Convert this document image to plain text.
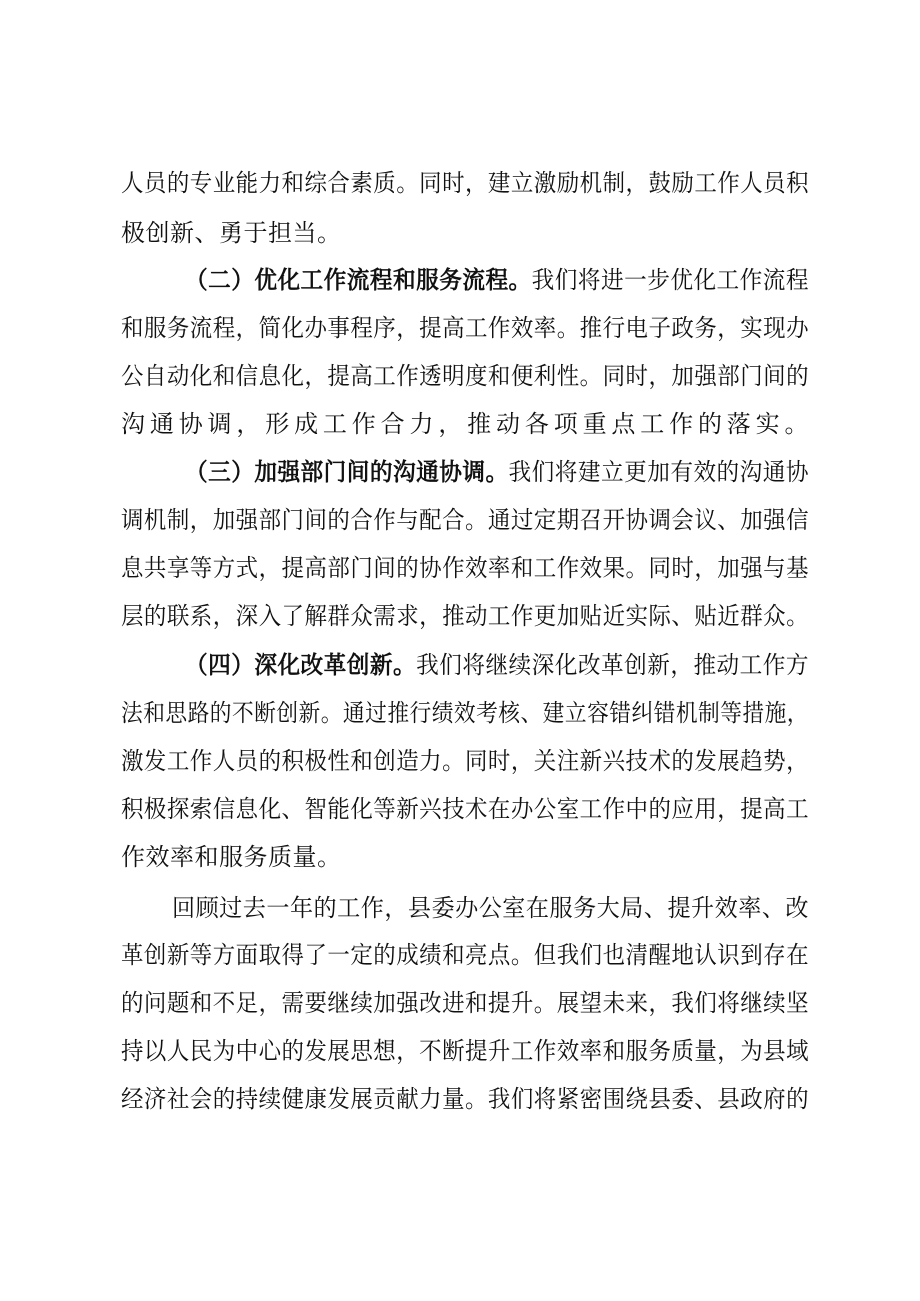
人员的专业能力和综合素质。同时，建立激励机制，鼓励工作人员积
极创新、勇于担当。
（二）优化工作流程和服务流程。我们将进一步优化工作流程
和服务流程，简化办事程序，提高工作效率。推行电子政务，实现办
公自动化和信息化，提高工作透明度和便利性。同时，加强部门间的
沟通协调，形成工作合力，推动各项重点工作的落实。
（三）加强部门间的沟通协调。我们将建立更加有效的沟通协
调机制，加强部门间的合作与配合。通过定期召开协调会议、加强信
息共享等方式，提高部门间的协作效率和工作效果。同时，加强与基
层的联系，深入了解群众需求，推动工作更加贴近实际、贴近群众。
（四）深化改革创新。我们将继续深化改革创新，推动工作方
法和思路的不断创新。通过推行绩效考核、建立容错纠错机制等措施，
激发工作人员的积极性和创造力。同时，关注新兴技术的发展趋势，
积极探索信息化、智能化等新兴技术在办公室工作中的应用，提高工
作效率和服务质量。
回顾过去一年的工作，县委办公室在服务大局、提升效率、改
革创新等方面取得了一定的成绩和亮点。但我们也清醒地认识到存在
的问题和不足，需要继续加强改进和提升。展望未来，我们将继续坚
持以人民为中心的发展思想，不断提升工作效率和服务质量，为县域
经济社会的持续健康发展贡献力量。我们将紧密围绕县委、县政府的
